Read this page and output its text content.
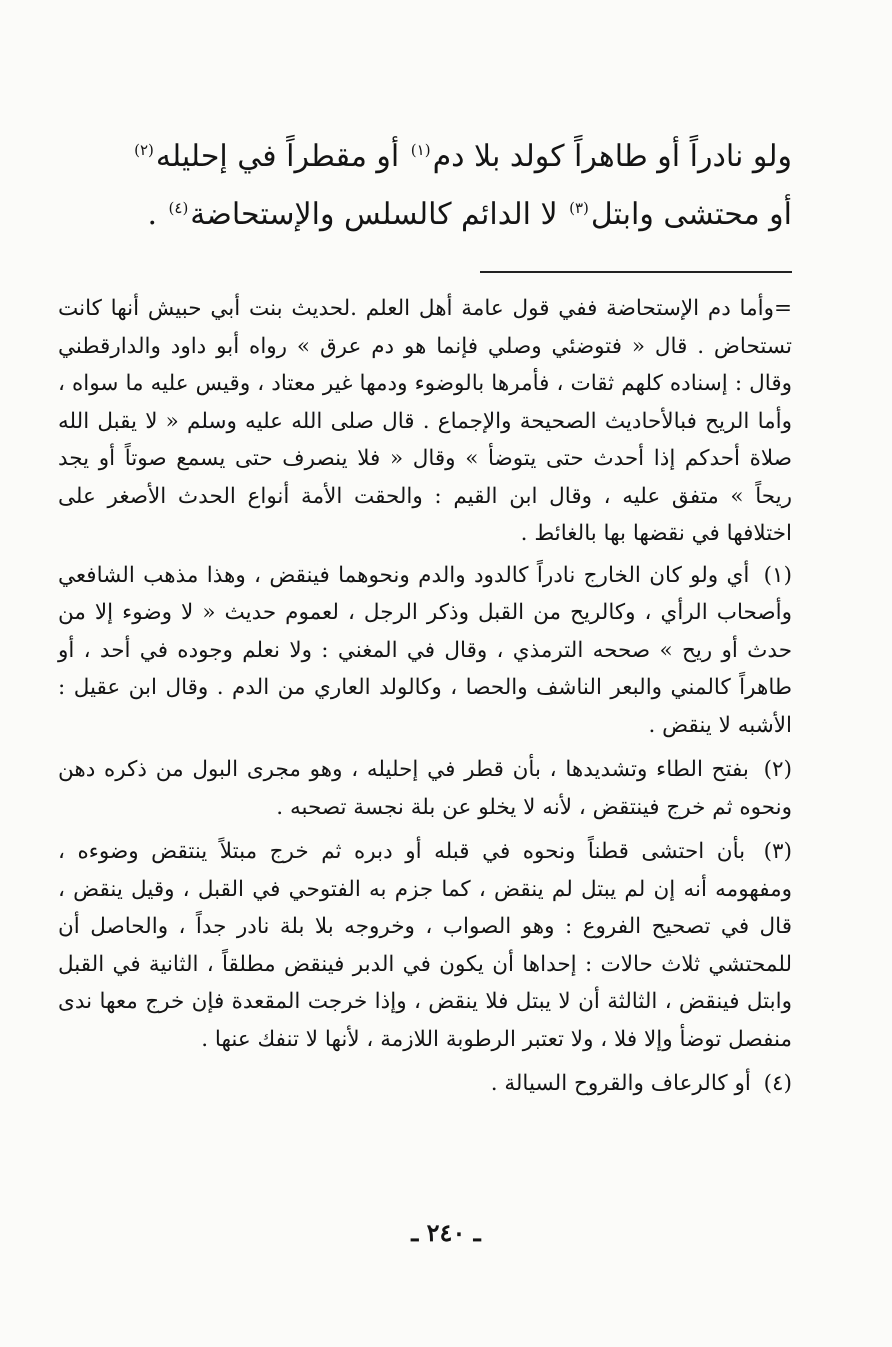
ولو نادراً أو طاهراً كولد بلا دم$^{(١)}$ أو مقطراً في إحليله$^{(٢)}$

أو محتشى وابتل$^{(٣)}$ لا الدائم كالسلس والإستحاضة$^{(٤)}$ .

=وأما دم الإستحاضة ففي قول عامة أهل العلم .لحديث بنت أبي حبيش أنها كانت تستحاض . قال « فتوضئي وصلي فإنما هو دم عرق » رواه أبو داود والدارقطني وقال : إسناده كلهم ثقات ، فأمرها بالوضوء ودمها غير معتاد ، وقيس عليه ما سواه ، وأما الريح فبالأحاديث الصحيحة والإجماع . قال صلى الله عليه وسلم « لا يقبل الله صلاة أحدكم إذا أحدث حتى يتوضأ » وقال « فلا ينصرف حتى يسمع صوتاً أو يجد ريحاً » متفق عليه ، وقال ابن القيم : والحقت الأمة أنواع الحدث الأصغر على اختلافها في نقضها بها بالغائط .

(١) أي ولو كان الخارج نادراً كالدود والدم ونحوهما فينقض ، وهذا مذهب الشافعي وأصحاب الرأي ، وكالريح من القبل وذكر الرجل ، لعموم حديث « لا وضوء إلا من حدث أو ريح » صححه الترمذي ، وقال في المغني : ولا نعلم وجوده في أحد ، أو طاهراً كالمني والبعر الناشف والحصا ، وكالولد العاري من الدم . وقال ابن عقيل : الأشبه لا ينقض .

(٢) بفتح الطاء وتشديدها ، بأن قطر في إحليله ، وهو مجرى البول من ذكره دهن ونحوه ثم خرج فينتقض ، لأنه لا يخلو عن بلة نجسة تصحبه .

(٣) بأن احتشى قطناً ونحوه في قبله أو دبره ثم خرج مبتلاً ينتقض وضوءه ، ومفهومه أنه إن لم يبتل لم ينقض ، كما جزم به الفتوحي في القبل ، وقيل ينقض ، قال في تصحيح الفروع : وهو الصواب ، وخروجه بلا بلة نادر جداً ، والحاصل أن للمحتشي ثلاث حالات : إحداها أن يكون في الدبر فينقض مطلقاً ، الثانية في القبل وابتل فينقض ، الثالثة أن لا يبتل فلا ينقض ، وإذا خرجت المقعدة فإن خرج معها ندى منفصل توضأ وإلا فلا ، ولا تعتبر الرطوبة اللازمة ، لأنها لا تنفك عنها .

(٤) أو كالرعاف والقروح السيالة .

ـ ٢٤٠ ـ
